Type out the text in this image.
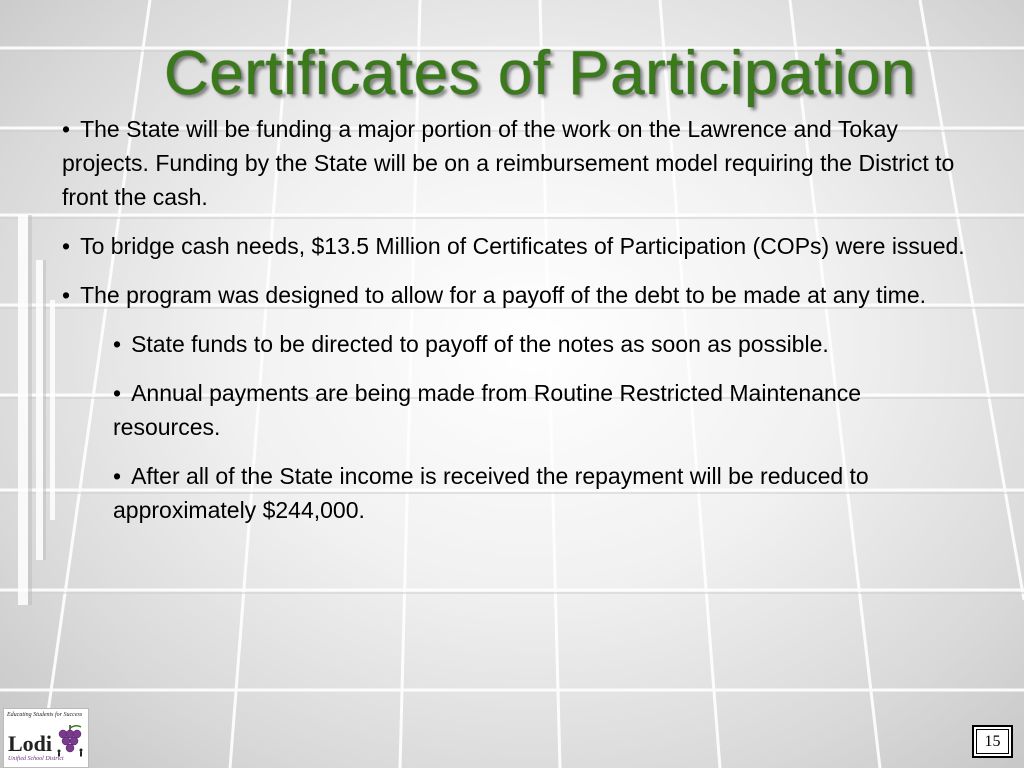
Certificates of Participation

• The State will be funding a major portion of the work on the Lawrence and Tokay projects. Funding by the State will be on a reimbursement model requiring the District to front the cash.

• To bridge cash needs, $13.5 Million of Certificates of Participation (COPs) were issued.

• The program was designed to allow for a payoff of the debt to be made at any time.

• State funds to be directed to payoff of the notes as soon as possible.

• Annual payments are being made from Routine Restricted Maintenance resources.

• After all of the State income is received the repayment will be reduced to approximately $244,000.

Educating Students for Success
Lodi
Unified School District
15
